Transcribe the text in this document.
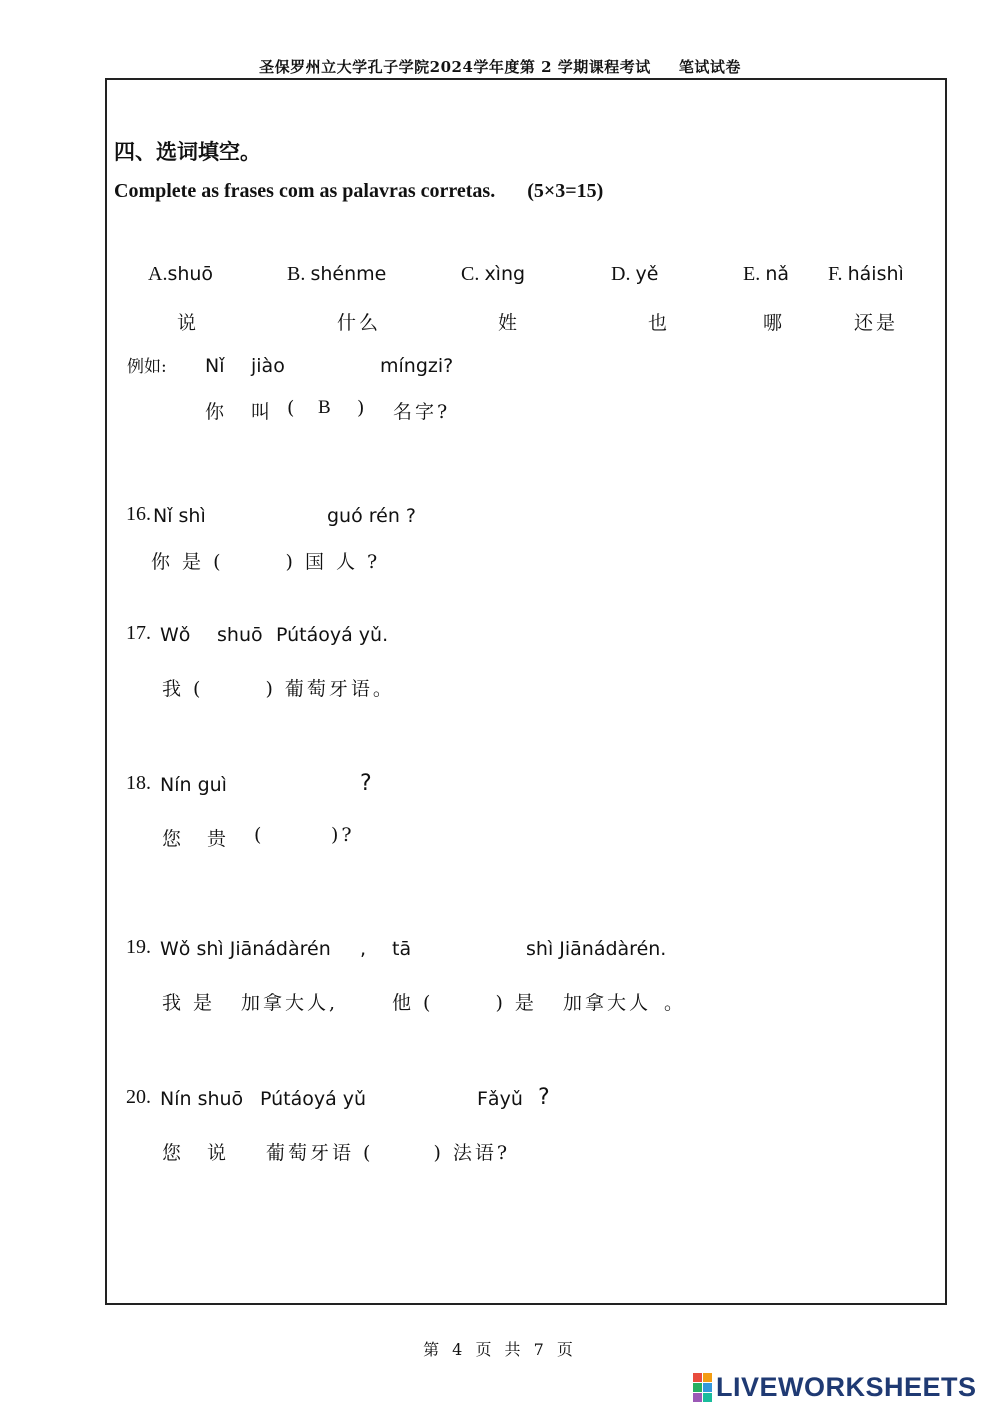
圣保罗州立大学孔子学院2024学年度第 2 学期课程考试 笔试试卷
四、选词填空。
Complete as frases com as palavras corretas. (5×3=15)
A.shuō
说
B. shénme
什么
C. xìng
姓
D. yě
也
E. nǎ
哪
F. háishì
还是
例如: Nǐ jiào	míngzi?
你 叫 ( B ) 名字?
16. Nǐ shì	guó rén ?
你 是 (	) 国 人 ?
17. Wǒ shuō Pútáoyá yǔ.
我 (	) 葡萄牙语。
18. Nín guì	?
您 贵 (	)?
19. Wǒ shì Jiānádàrén , tā	shì Jiānádàrén.
我 是 加拿大人,	他 (	) 是 加拿大人 。
20. Nín shuō Pútáoyá yǔ	Fǎyǔ ?
您 说 葡萄牙语 (	) 法语?
第 4 页 共 7 页
LIVEWORKSHEETS
